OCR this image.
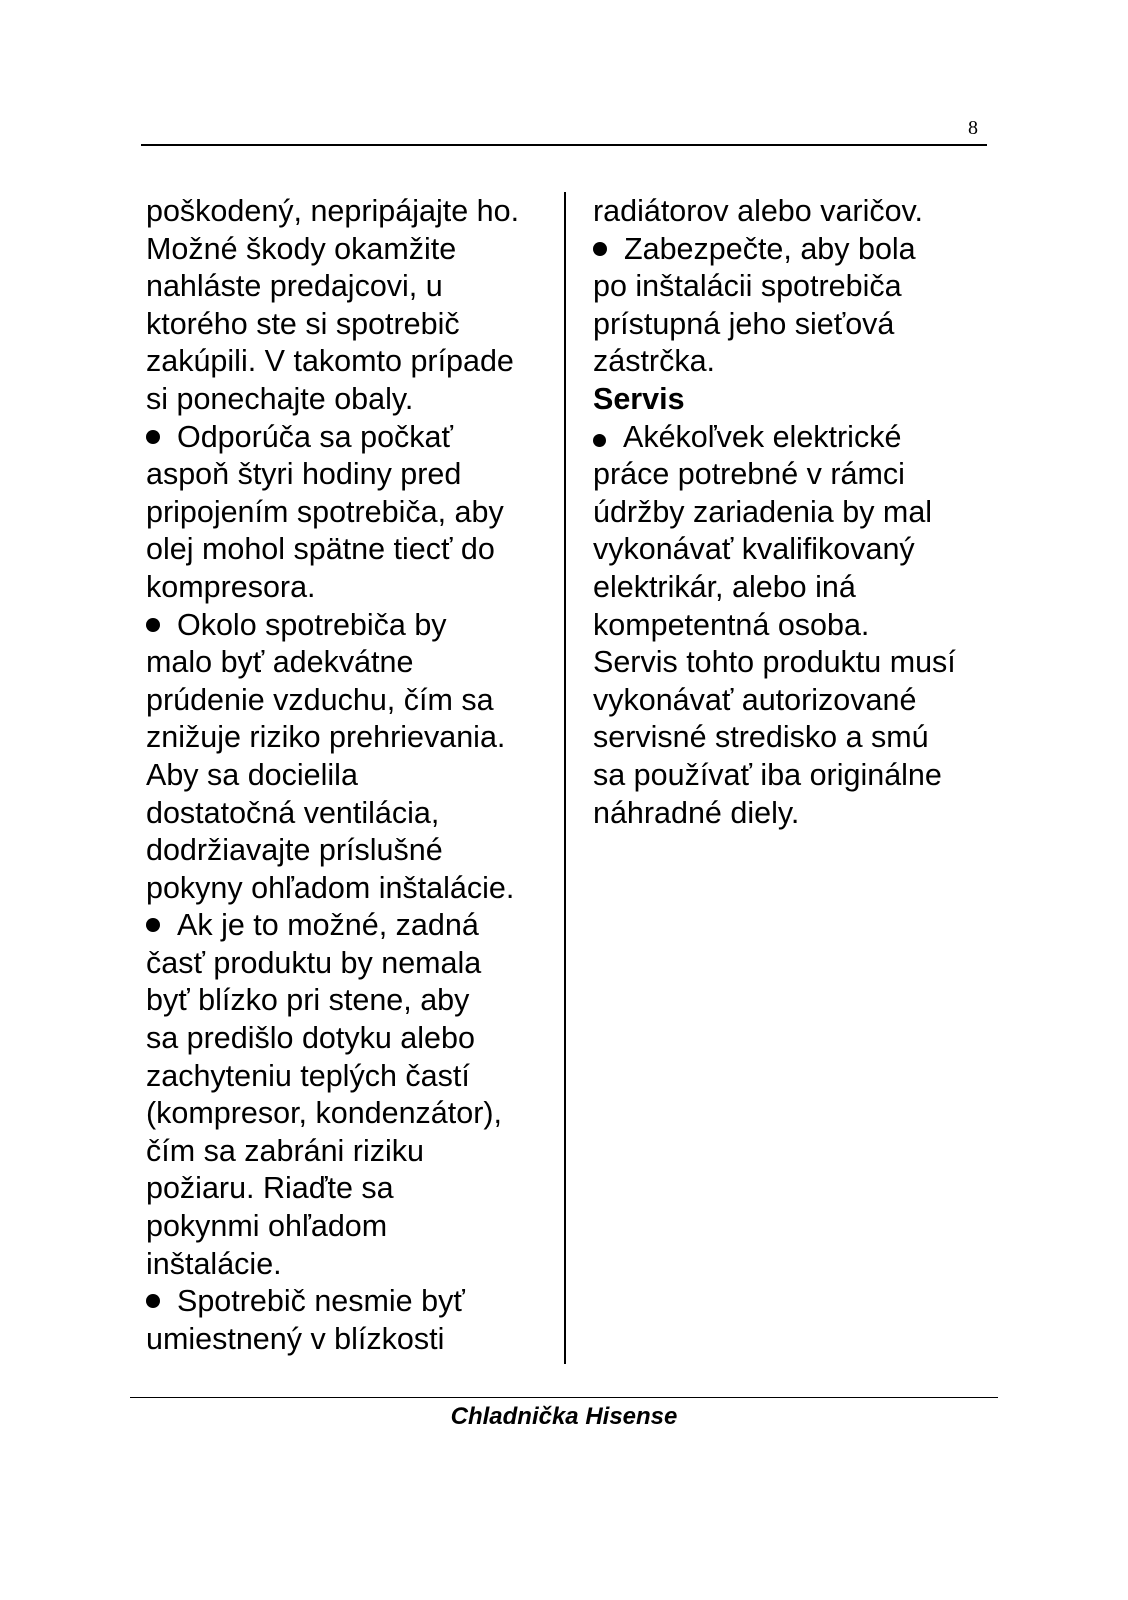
8
poškodený, nepripájajte ho.
Možné škody okamžite
nahláste predajcovi, u
ktorého ste si spotrebič
zakúpili. V takomto prípade
si ponechajte obaly.
Odporúča sa počkať
aspoň štyri hodiny pred
pripojením spotrebiča, aby
olej mohol spätne tiecť do
kompresora.
Okolo spotrebiča by
malo byť adekvátne
prúdenie vzduchu, čím sa
znižuje riziko prehrievania.
Aby sa docielila
dostatočná ventilácia,
dodržiavajte príslušné
pokyny ohľadom inštalácie.
Ak je to možné, zadná
časť produktu by nemala
byť blízko pri stene, aby
sa predišlo dotyku alebo
zachyteniu teplých častí
(kompresor, kondenzátor),
čím sa zabráni riziku
požiaru. Riaďte sa
pokynmi ohľadom
inštalácie.
Spotrebič nesmie byť
umiestnený v blízkosti
radiátorov alebo varičov.
Zabezpečte, aby bola
po inštalácii spotrebiča
prístupná jeho sieťová
zástrčka.
Servis
Akékoľvek elektrické
práce potrebné v rámci
údržby zariadenia by mal
vykonávať kvalifikovaný
elektrikár, alebo iná
kompetentná osoba.
Servis tohto produktu musí
vykonávať autorizované
servisné stredisko a smú
sa používať iba originálne
náhradné diely.
Chladnička Hisense
